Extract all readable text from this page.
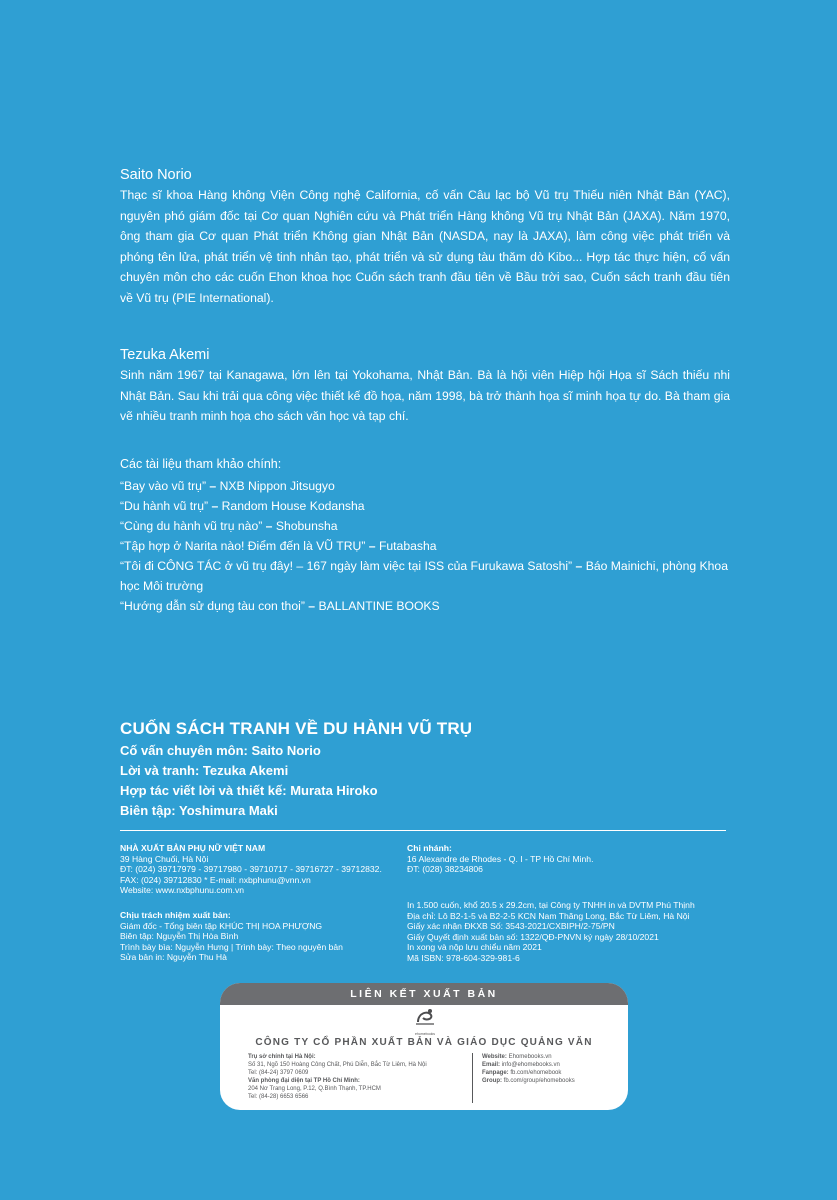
Saito Norio

Thạc sĩ khoa Hàng không Viện Công nghệ California, cố vấn Câu lạc bộ Vũ trụ Thiếu niên Nhật Bản (YAC), nguyên phó giám đốc tại Cơ quan Nghiên cứu và Phát triển Hàng không Vũ trụ Nhật Bản (JAXA). Năm 1970, ông tham gia Cơ quan Phát triển Không gian Nhật Bản (NASDA, nay là JAXA), làm công việc phát triển và phóng tên lửa, phát triển vệ tinh nhân tạo, phát triển và sử dụng tàu thăm dò Kibo... Hợp tác thực hiện, cố vấn chuyên môn cho các cuốn Ehon khoa học Cuốn sách tranh đầu tiên về Bầu trời sao, Cuốn sách tranh đầu tiên về Vũ trụ (PIE International).

Tezuka Akemi

Sinh năm 1967 tại Kanagawa, lớn lên tại Yokohama, Nhật Bản. Bà là hội viên Hiệp hội Họa sĩ Sách thiếu nhi Nhật Bản. Sau khi trải qua công việc thiết kế đồ họa, năm 1998, bà trở thành họa sĩ minh họa tự do. Bà tham gia vẽ nhiều tranh minh họa cho sách văn học và tạp chí.

Các tài liệu tham khảo chính:
“Bay vào vũ trụ” – NXB Nippon Jitsugyo
“Du hành vũ trụ” – Random House Kodansha
“Cùng du hành vũ trụ nào” – Shobunsha
“Tập hợp ở Narita nào! Điểm đến là VŨ TRỤ” – Futabasha
“Tôi đi CÔNG TÁC ở vũ trụ đây! – 167 ngày làm việc tại ISS của Furukawa Satoshi” – Báo Mainichi, phòng Khoa học Môi trường
“Hướng dẫn sử dụng tàu con thoi” – BALLANTINE BOOKS
CUỐN SÁCH TRANH VỀ DU HÀNH VŨ TRỤ
Cố vấn chuyên môn: Saito Norio
Lời và tranh: Tezuka Akemi
Hợp tác viết lời và thiết kế: Murata Hiroko
Biên tập: Yoshimura Maki
NHÀ XUẤT BẢN PHỤ NỮ VIỆT NAM
39 Hàng Chuối, Hà Nội
ĐT: (024) 39717979 - 39717980 - 39710717 - 39716727 - 39712832.
FAX: (024) 39712830 * E-mail: nxbphunu@vnn.vn
Website: www.nxbphunu.com.vn
Chi nhánh:
16 Alexandre de Rhodes - Q. I - TP Hồ Chí Minh.
ĐT: (028) 38234806
Chịu trách nhiệm xuất bản:
Giám đốc - Tổng biên tập KHÚC THỊ HOA PHƯỢNG
Biên tập: Nguyễn Thị Hòa Bình
Trình bày bìa: Nguyễn Hưng | Trình bày: Theo nguyên bản
Sửa bản in: Nguyễn Thu Hà
In 1.500 cuốn, khổ 20.5 x 29.2cm, tại Công ty TNHH in và DVTM Phú Thịnh
Địa chỉ: Lô B2-1-5 và B2-2-5 KCN Nam Thăng Long, Bắc Từ Liêm, Hà Nội
Giấy xác nhận ĐKXB Số: 3543-2021/CXBIPH/2-75/PN
Giấy Quyết định xuất bản số: 1322/QĐ-PNVN ký ngày 28/10/2021
In xong và nộp lưu chiểu năm 2021
Mã ISBN: 978-604-329-981-6
LIÊN KẾT XUẤT BẢN
ehomebooks
CÔNG TY CỔ PHẦN XUẤT BẢN VÀ GIÁO DỤC QUẢNG VĂN
Trụ sở chính tại Hà Nội:
Số 31, Ngõ 150 Hoàng Công Chất, Phú Diễn, Bắc Từ Liêm, Hà Nội
Tel: (84-24) 3797 0609
Văn phòng đại diện tại TP Hồ Chí Minh:
204 Nơ Trang Long, P.12, Q.Bình Thạnh, TP.HCM
Tel: (84-28) 6653 6566
Website: Ehomebooks.vn
Email: info@ehomebooks.vn
Fanpage: fb.com/ehomebook
Group: fb.com/group/ehomebooks
